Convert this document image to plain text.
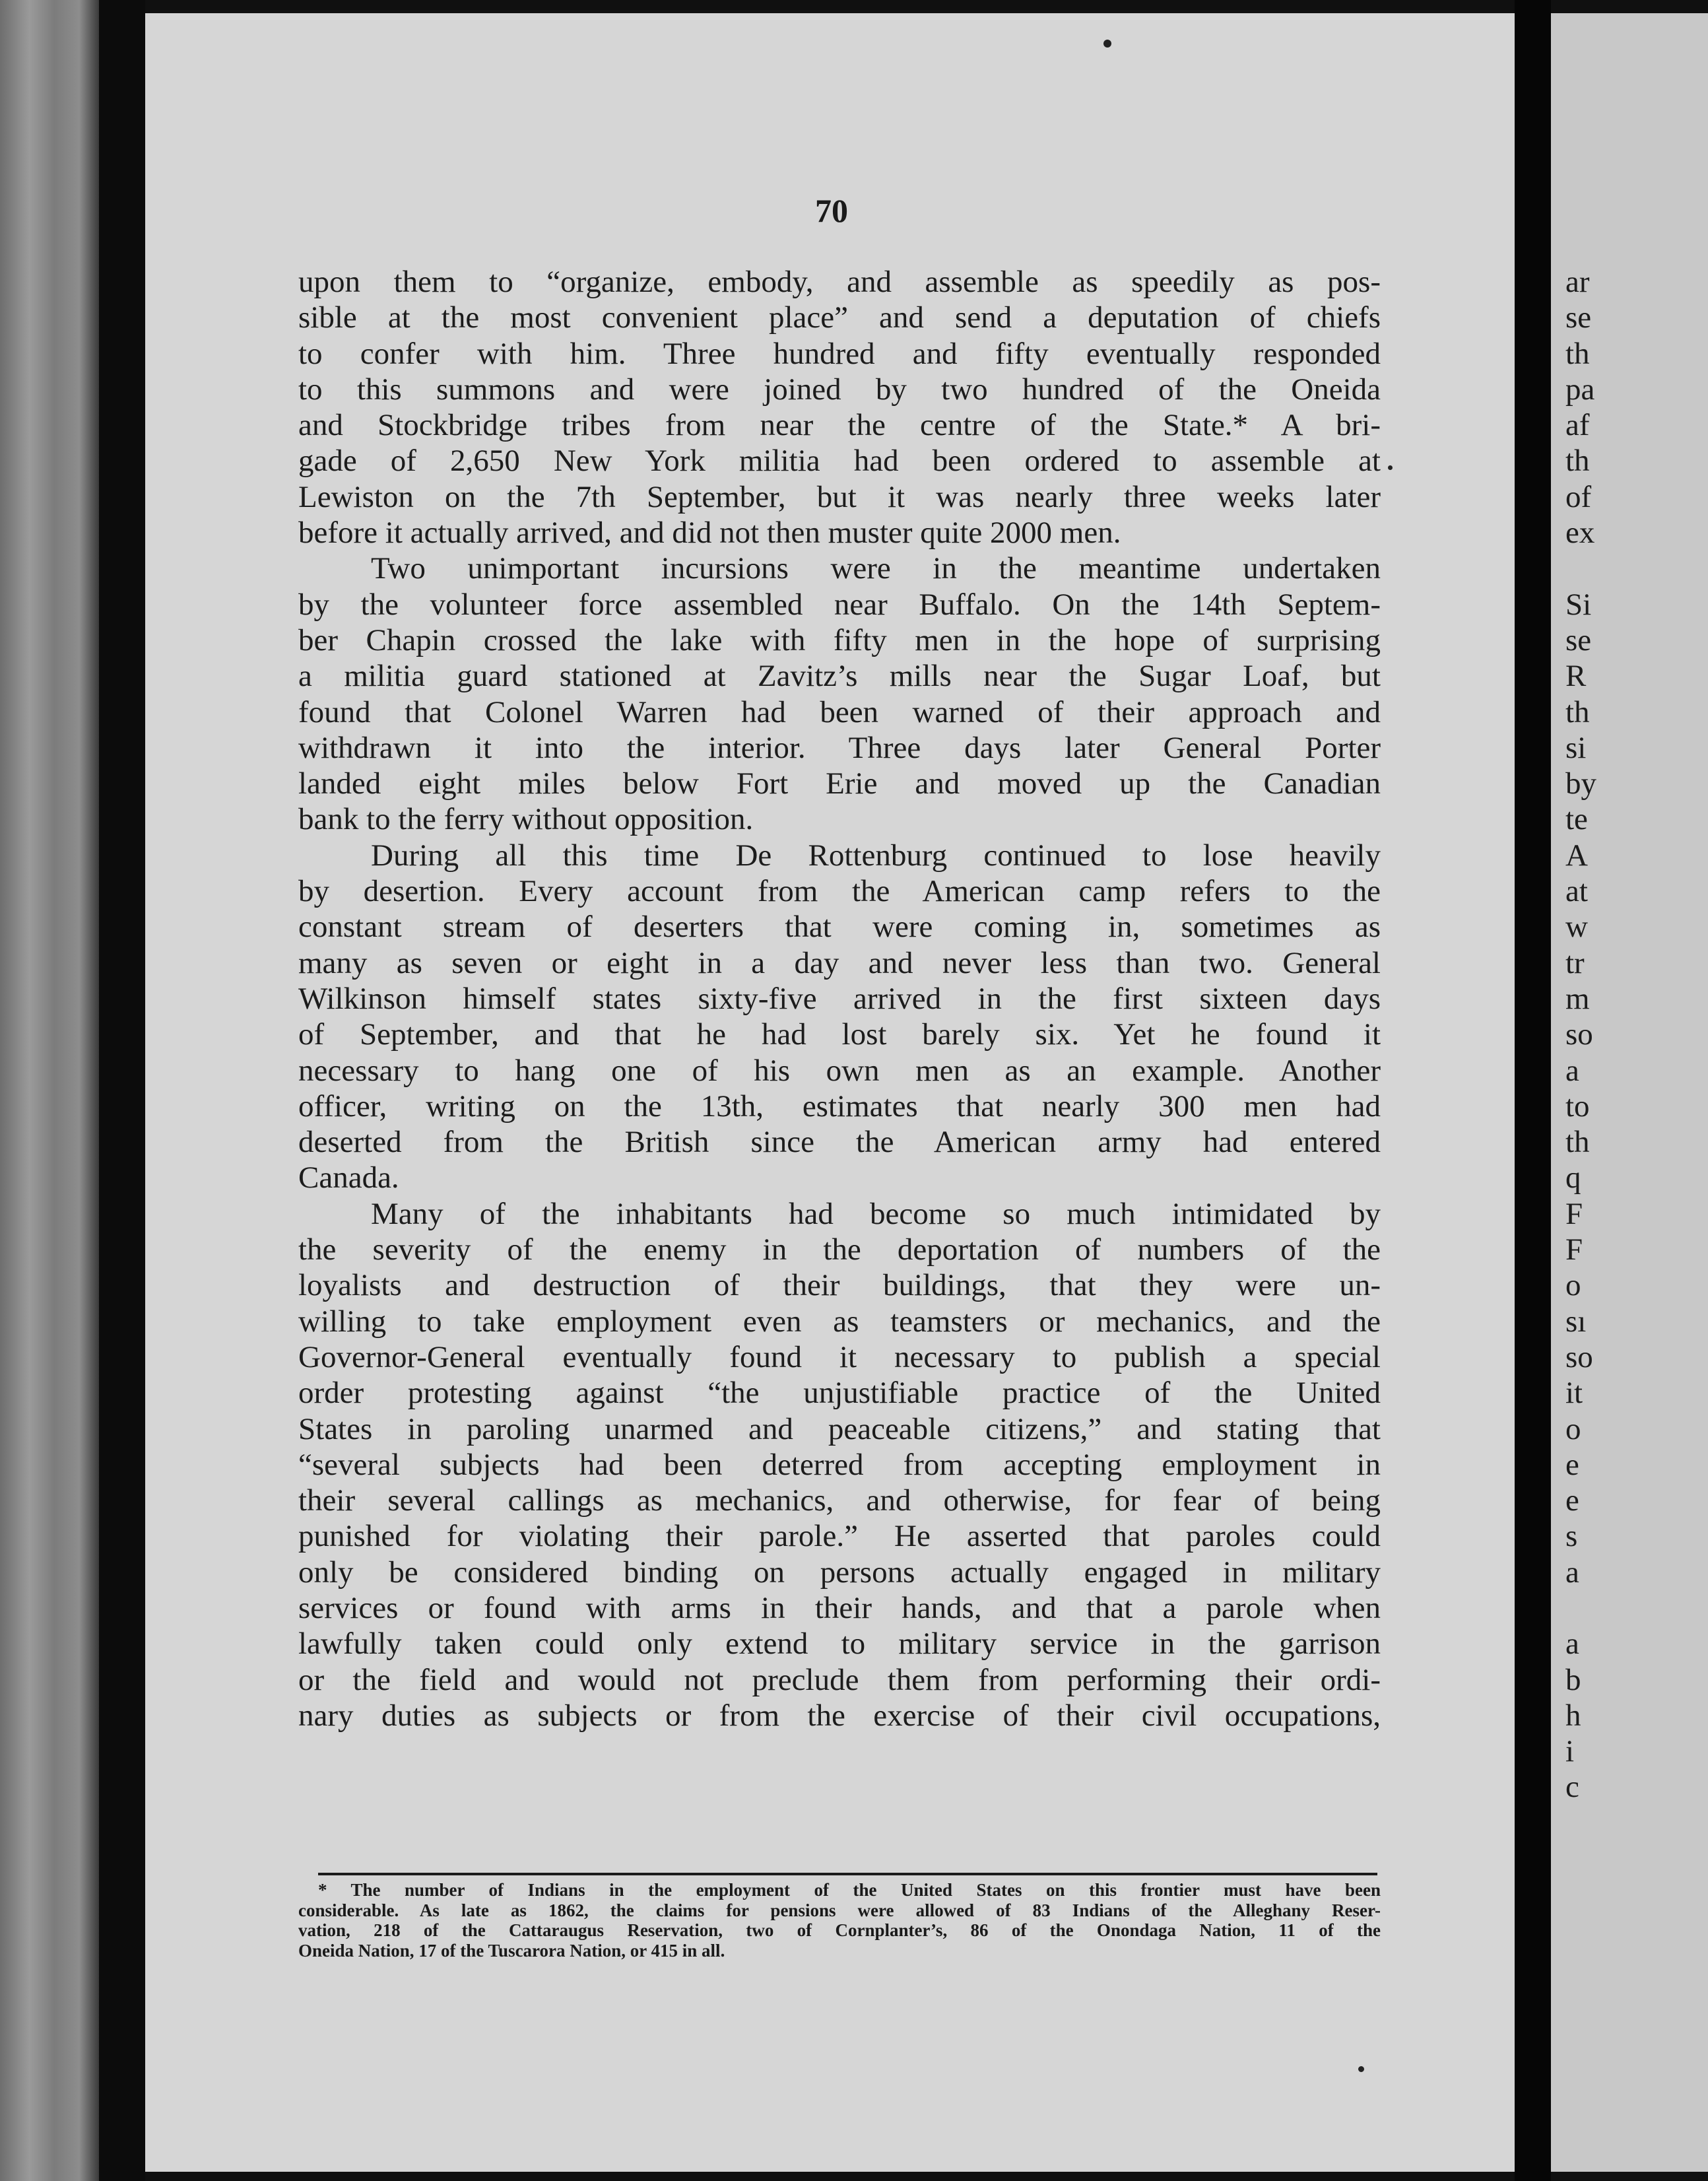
70
upon them to “organize, embody, and assemble as speedily as pos-
sible at the most convenient place” and send a deputation of chiefs
to confer with him. Three hundred and fifty eventually responded
to this summons and were joined by two hundred of the Oneida
and Stockbridge tribes from near the centre of the State.* A bri-
gade of 2,650 New York militia had been ordered to assemble at
Lewiston on the 7th September, but it was nearly three weeks later
before it actually arrived, and did not then muster quite 2000 men.
Two unimportant incursions were in the meantime undertaken
by the volunteer force assembled near Buffalo. On the 14th Septem-
ber Chapin crossed the lake with fifty men in the hope of surprising
a militia guard stationed at Zavitz’s mills near the Sugar Loaf, but
found that Colonel Warren had been warned of their approach and
withdrawn it into the interior. Three days later General Porter
landed eight miles below Fort Erie and moved up the Canadian
bank to the ferry without opposition.
During all this time De Rottenburg continued to lose heavily
by desertion. Every account from the American camp refers to the
constant stream of deserters that were coming in, sometimes as
many as seven or eight in a day and never less than two. General
Wilkinson himself states sixty-five arrived in the first sixteen days
of September, and that he had lost barely six. Yet he found it
necessary to hang one of his own men as an example. Another
officer, writing on the 13th, estimates that nearly 300 men had
deserted from the British since the American army had entered
Canada.
Many of the inhabitants had become so much intimidated by
the severity of the enemy in the deportation of numbers of the
loyalists and destruction of their buildings, that they were un-
willing to take employment even as teamsters or mechanics, and the
Governor-General eventually found it necessary to publish a special
order protesting against “the unjustifiable practice of the United
States in paroling unarmed and peaceable citizens,” and stating that
“several subjects had been deterred from accepting employment in
their several callings as mechanics, and otherwise, for fear of being
punished for violating their parole.” He asserted that paroles could
only be considered binding on persons actually engaged in military
services or found with arms in their hands, and that a parole when
lawfully taken could only extend to military service in the garrison
or the field and would not preclude them from performing their ordi-
nary duties as subjects or from the exercise of their civil occupations,
* The number of Indians in the employment of the United States on this frontier must have been
considerable. As late as 1862, the claims for pensions were allowed of 83 Indians of the Alleghany Reser-
vation, 218 of the Cattaraugus Reservation, two of Cornplanter’s, 86 of the Onondaga Nation, 11 of the
Oneida Nation, 17 of the Tuscarora Nation, or 415 in all.
ar
se
th
pa
af
th
of
ex
Si
se
R
th
si
by
te
A
at
w
tr
m
so
a
to
th
q
F
F
o
sı
so
it
o
e
e
s
a
a
b
h
i
c
